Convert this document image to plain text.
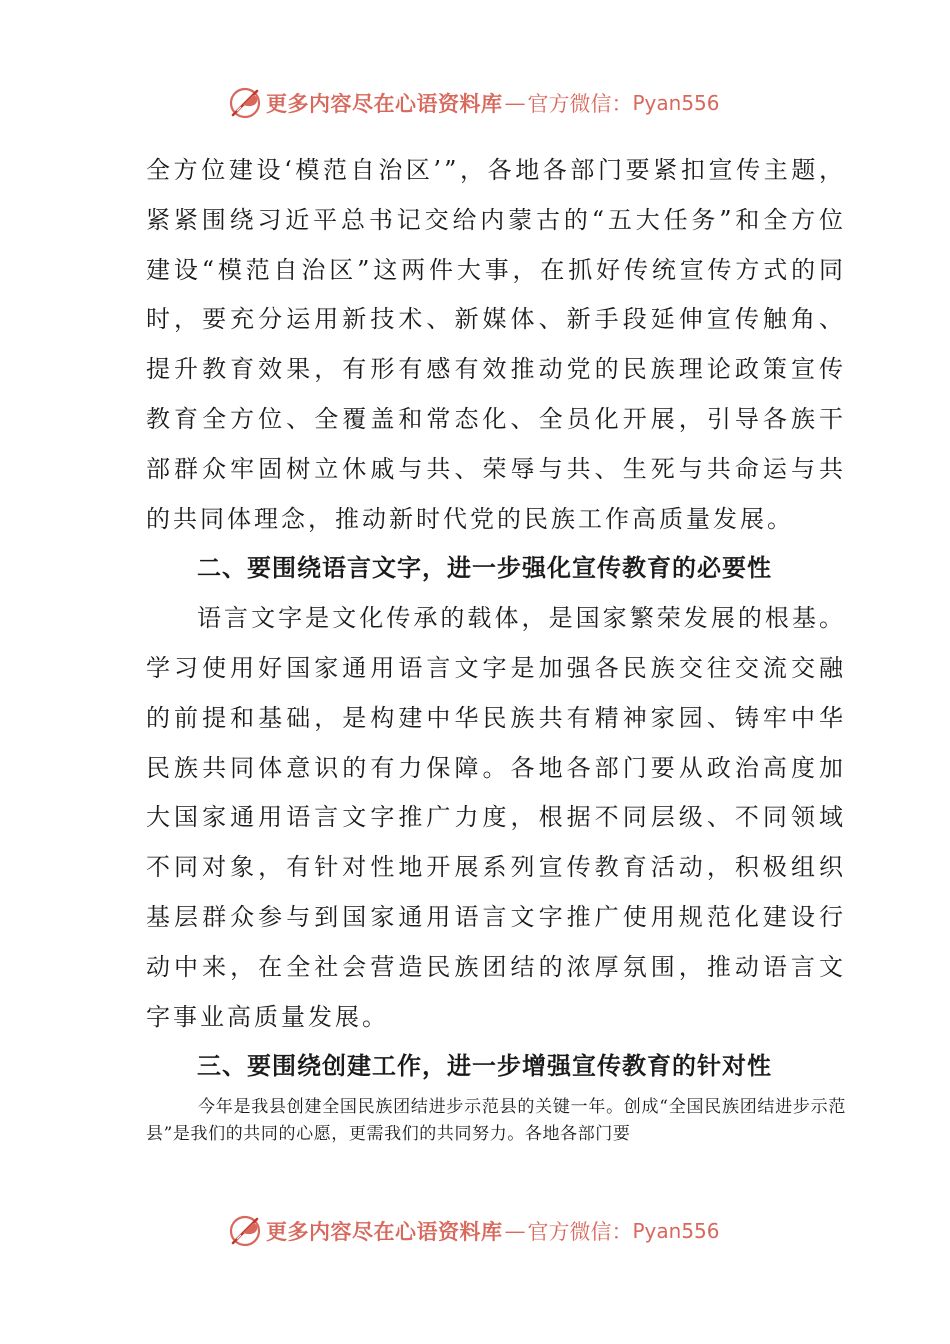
更多内容尽在心语资料库 — 官方微信： Pyan556

全方位建设‘模范自治区’”，各地各部门要紧扣宣传主题，紧紧围绕习近平总书记交给内蒙古的“五大任务”和全方位建设“模范自治区”这两件大事，在抓好传统宣传方式的同时，要充分运用新技术、新媒体、新手段延伸宣传触角、提升教育效果，有形有感有效推动党的民族理论政策宣传教育全方位、全覆盖和常态化、全员化开展，引导各族干部群众牢固树立休戚与共、荣辱与共、生死与共命运与共的共同体理念，推动新时代党的民族工作高质量发展。

二、要围绕语言文字，进一步强化宣传教育的必要性

语言文字是文化传承的载体，是国家繁荣发展的根基。学习使用好国家通用语言文字是加强各民族交往交流交融的前提和基础，是构建中华民族共有精神家园、铸牢中华民族共同体意识的有力保障。各地各部门要从政治高度加大国家通用语言文字推广力度，根据不同层级、不同领域不同对象，有针对性地开展系列宣传教育活动，积极组织基层群众参与到国家通用语言文字推广使用规范化建设行动中来，在全社会营造民族团结的浓厚氛围，推动语言文字事业高质量发展。

三、要围绕创建工作，进一步增强宣传教育的针对性

今年是我县创建全国民族团结进步示范县的关键一年。创成“全国民族团结进步示范县”是我们的共同的心愿，更需我们的共同努力。各地各部门要

更多内容尽在心语资料库 — 官方微信： Pyan556
